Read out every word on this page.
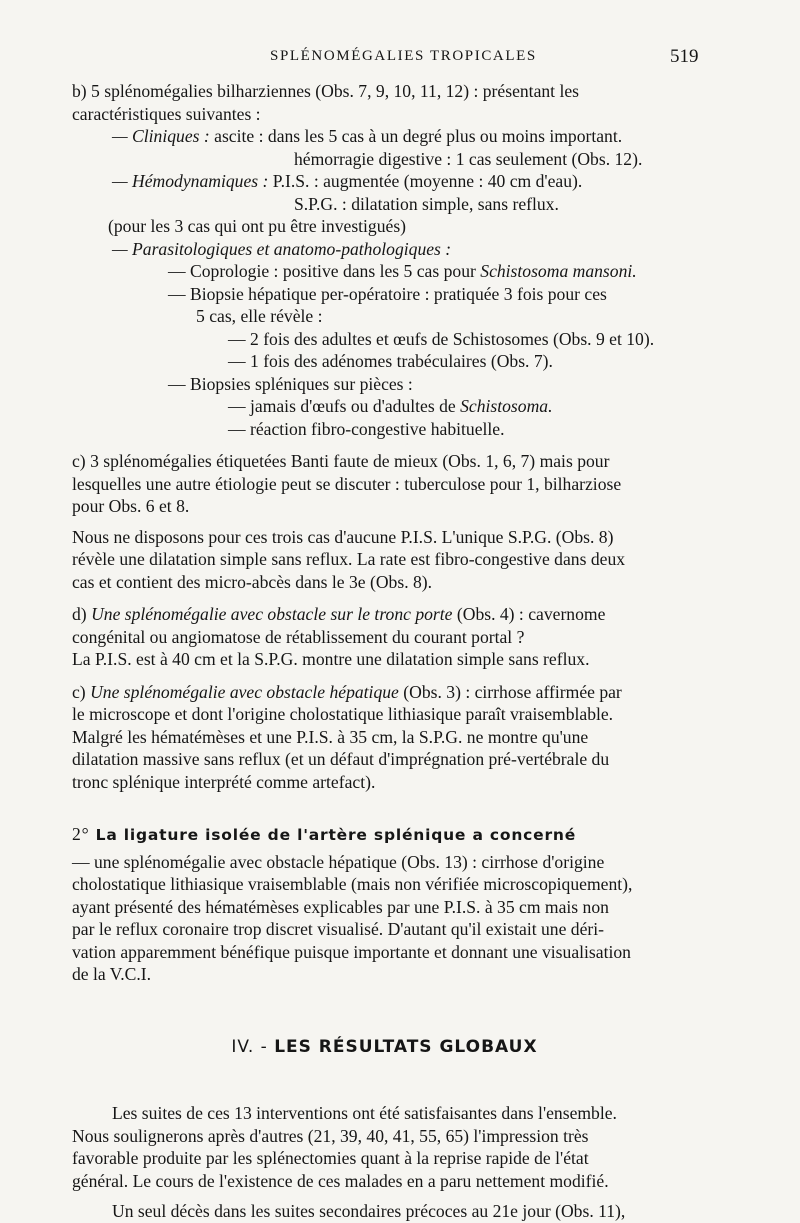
SPLÉNOMÉGALIES TROPICALES	519

b) 5 splénomégalies bilharziennes (Obs. 7, 9, 10, 11, 12) : présentant les
caractéristiques suivantes :

— Cliniques : ascite : dans les 5 cas à un degré plus ou moins important.
hémorragie digestive : 1 cas seulement (Obs. 12).
— Hémodynamiques : P.I.S. : augmentée (moyenne : 40 cm d'eau).
S.P.G. : dilatation simple, sans reflux.
(pour les 3 cas qui ont pu être investigués)
— Parasitologiques et anatomo-pathologiques :
— Coprologie : positive dans les 5 cas pour Schistosoma mansoni.
— Biopsie hépatique per-opératoire : pratiquée 3 fois pour ces
5 cas, elle révèle :
— 2 fois des adultes et œufs de Schistosomes (Obs. 9 et 10).
— 1 fois des adénomes trabéculaires (Obs. 7).
— Biopsies spléniques sur pièces :
— jamais d'œufs ou d'adultes de Schistosoma.
— réaction fibro-congestive habituelle.

c) 3 splénomégalies étiquetées Banti faute de mieux (Obs. 1, 6, 7) mais pour
lesquelles une autre étiologie peut se discuter : tuberculose pour 1, bilharziose
pour Obs. 6 et 8.

Nous ne disposons pour ces trois cas d'aucune P.I.S. L'unique S.P.G. (Obs. 8)
révèle une dilatation simple sans reflux. La rate est fibro-congestive dans deux
cas et contient des micro-abcès dans le 3e (Obs. 8).

d) Une splénomégalie avec obstacle sur le tronc porte (Obs. 4) : cavernome
congénital ou angiomatose de rétablissement du courant portal ?
La P.I.S. est à 40 cm et la S.P.G. montre une dilatation simple sans reflux.

c) Une splénomégalie avec obstacle hépatique (Obs. 3) : cirrhose affirmée par
le microscope et dont l'origine cholostatique lithiasique paraît vraisemblable.
Malgré les hématémèses et une P.I.S. à 35 cm, la S.P.G. ne montre qu'une
dilatation massive sans reflux (et un défaut d'imprégnation pré-vertébrale du
tronc splénique interprété comme artefact).

2° La ligature isolée de l'artère splénique a concerné

— une splénomégalie avec obstacle hépatique (Obs. 13) : cirrhose d'origine
cholostatique lithiasique vraisemblable (mais non vérifiée microscopiquement),
ayant présenté des hématémèses explicables par une P.I.S. à 35 cm mais non
par le reflux coronaire trop discret visualisé. D'autant qu'il existait une déri-
vation apparemment bénéfique puisque importante et donnant une visualisation
de la V.C.I.

IV. - LES RÉSULTATS GLOBAUX

Les suites de ces 13 interventions ont été satisfaisantes dans l'ensemble.
Nous soulignerons après d'autres (21, 39, 40, 41, 55, 65) l'impression très
favorable produite par les splénectomies quant à la reprise rapide de l'état
général. Le cours de l'existence de ces malades en a paru nettement modifié.

Un seul décès dans les suites secondaires précoces au 21e jour (Obs. 11),
